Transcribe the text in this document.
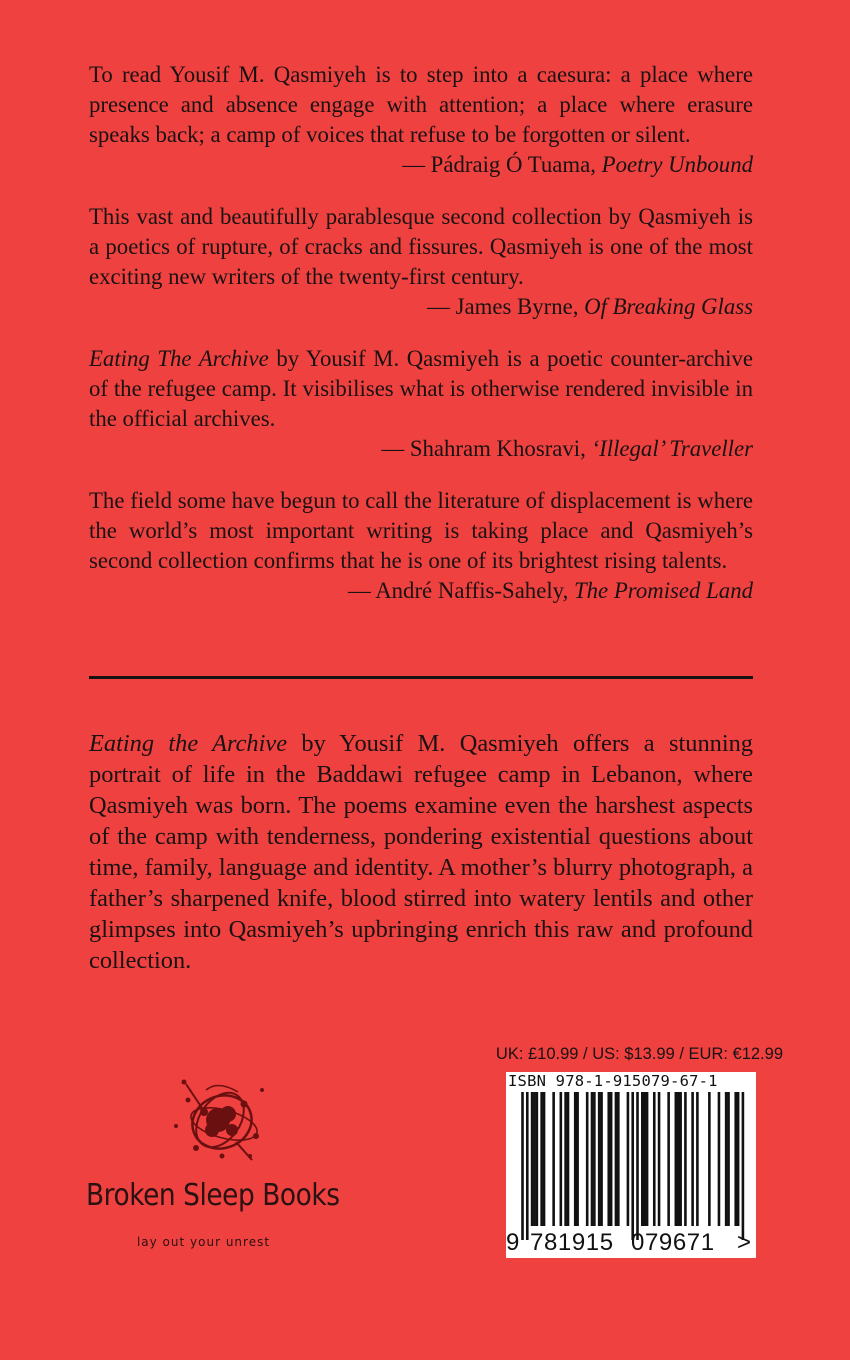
To read Yousif M. Qasmiyeh is to step into a caesura: a place where presence and absence engage with attention; a place where erasure speaks back; a camp of voices that refuse to be forgotten or silent.

— Pádraig Ó Tuama, Poetry Unbound

This vast and beautifully parablesque second collection by Qasmiyeh is a poetics of rupture, of cracks and fissures. Qasmiyeh is one of the most exciting new writers of the twenty-first century.

— James Byrne, Of Breaking Glass

Eating The Archive by Yousif M. Qasmiyeh is a poetic counter-archive of the refugee camp. It visibilises what is otherwise rendered invisible in the official archives.

— Shahram Khosravi, ‘Illegal’ Traveller

The field some have begun to call the literature of displacement is where the world’s most important writing is taking place and Qasmiyeh’s second collection confirms that he is one of its brightest rising talents.

— André Naffis-Sahely, The Promised Land

Eating the Archive by Yousif M. Qasmiyeh offers a stunning portrait of life in the Baddawi refugee camp in Lebanon, where Qasmiyeh was born. The poems examine even the harshest aspects of the camp with tenderness, pondering existential questions about time, family, language and identity. A mother’s blurry photograph, a father’s sharpened knife, blood stirred into watery lentils and other glimpses into Qasmiyeh’s upbringing enrich this raw and profound collection.

Broken Sleep Books
lay out your unrest
UK: £10.99 / US: $13.99 / EUR: €12.99
ISBN 978-1-915079-67-1
9 781915 079671 >
